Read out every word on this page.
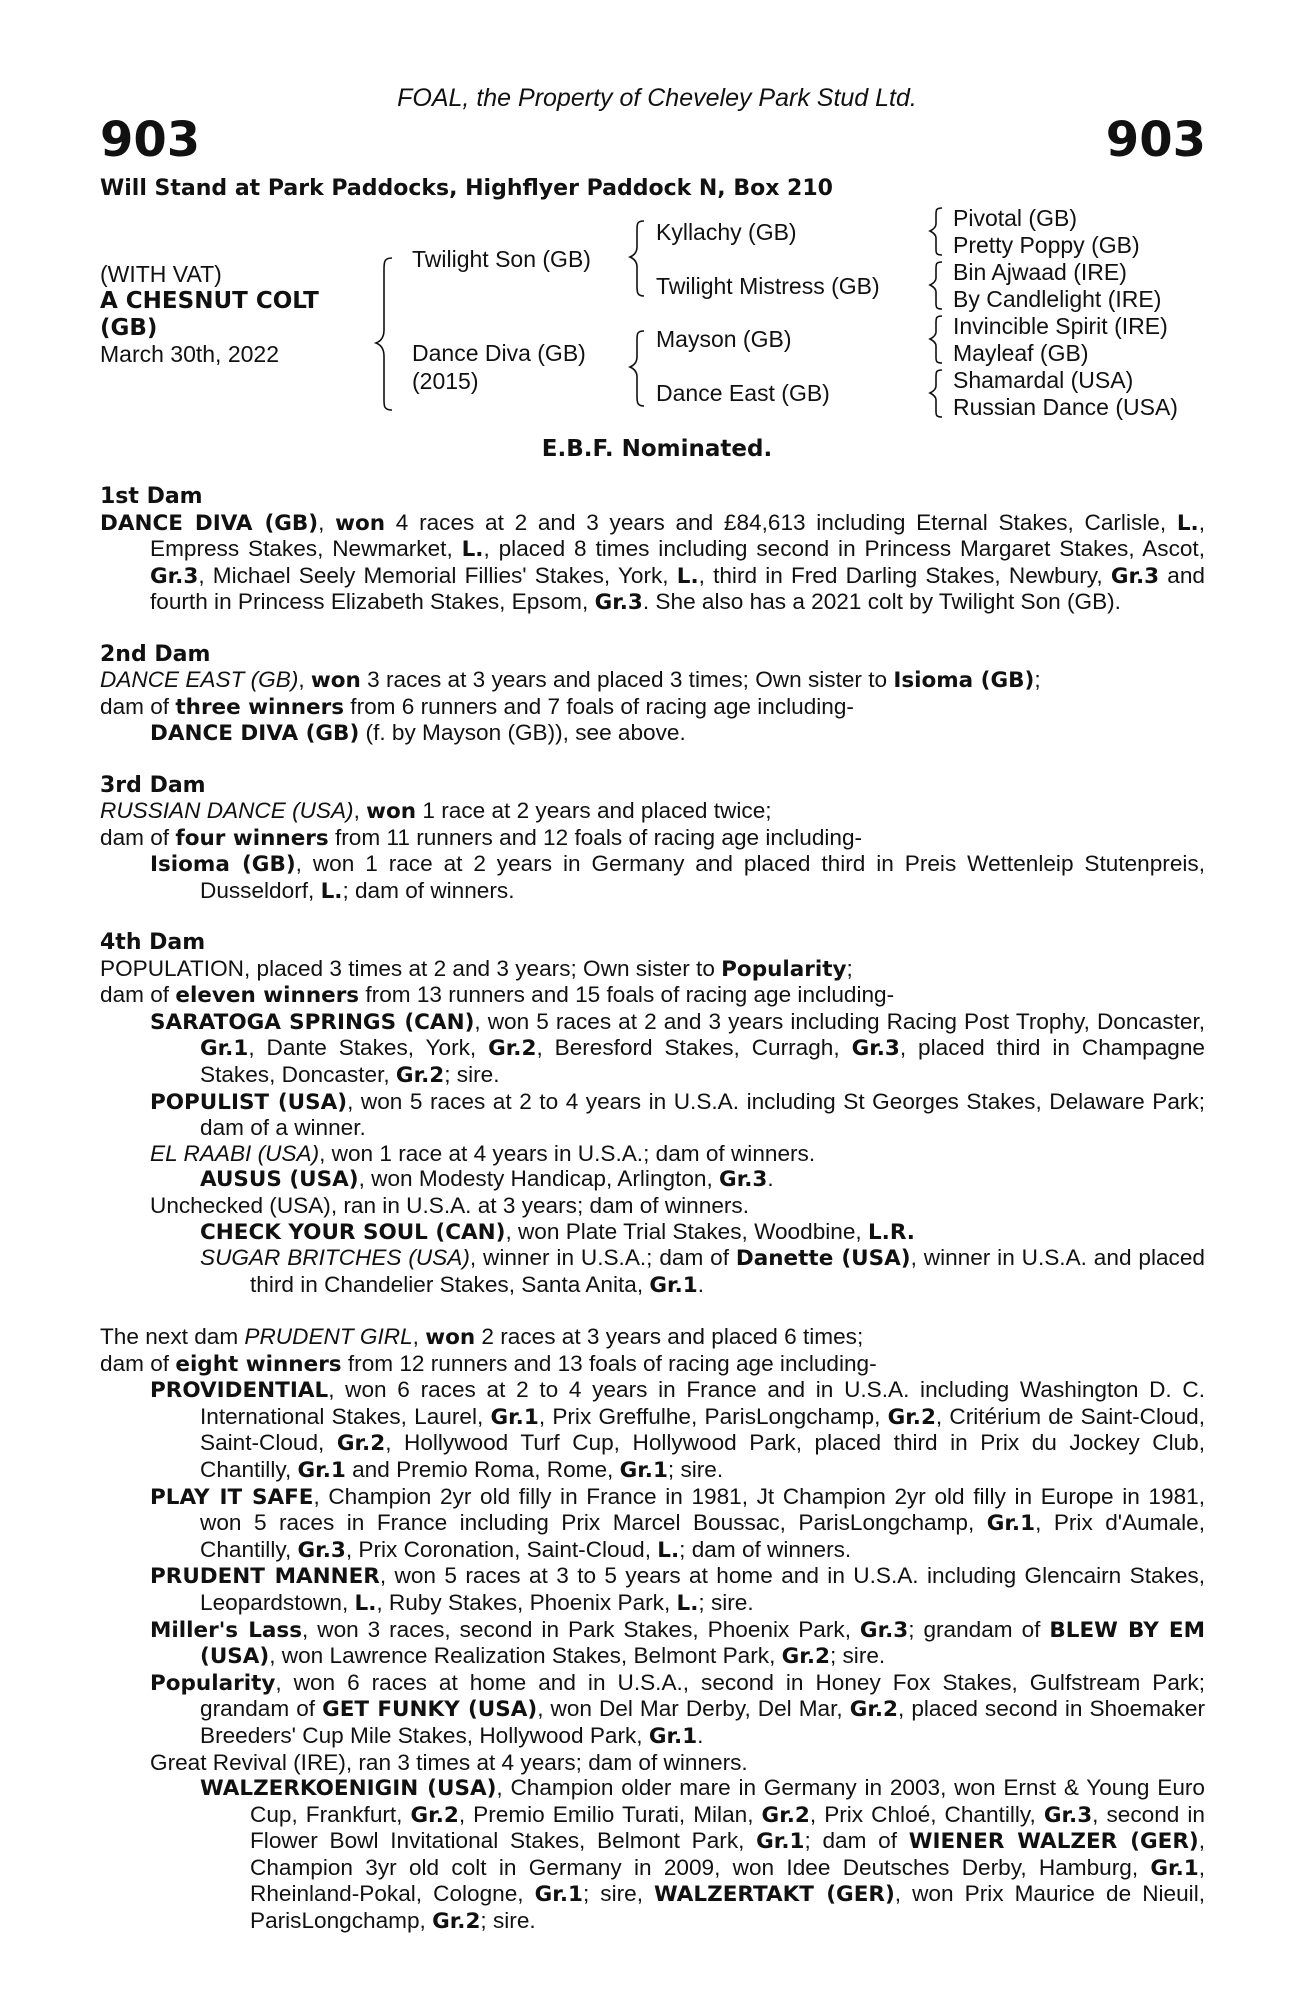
903	903
FOAL, the Property of Cheveley Park Stud Ltd.
Will Stand at Park Paddocks, Highflyer Paddock N, Box 210
(WITH VAT)
A CHESNUT COLT
(GB)
March 30th, 2022
Twilight Son (GB)
Dance Diva (GB)
(2015)
Kyllachy (GB)
Twilight Mistress (GB)
Mayson (GB)
Dance East (GB)
Pivotal (GB)
Pretty Poppy (GB)
Bin Ajwaad (IRE)
By Candlelight (IRE)
Invincible Spirit (IRE)
Mayleaf (GB)
Shamardal (USA)
Russian Dance (USA)
E.B.F. Nominated.
1st Dam
DANCE DIVA (GB), won 4 races at 2 and 3 years and £84,613 including Eternal Stakes, Carlisle, L., Empress Stakes, Newmarket, L., placed 8 times including second in Princess Margaret Stakes, Ascot, Gr.3, Michael Seely Memorial Fillies' Stakes, York, L., third in Fred Darling Stakes, Newbury, Gr.3 and fourth in Princess Elizabeth Stakes, Epsom, Gr.3. She also has a 2021 colt by Twilight Son (GB).
2nd Dam
DANCE EAST (GB), won 3 races at 3 years and placed 3 times; Own sister to Isioma (GB);
dam of three winners from 6 runners and 7 foals of racing age including-
DANCE DIVA (GB) (f. by Mayson (GB)), see above.
3rd Dam
RUSSIAN DANCE (USA), won 1 race at 2 years and placed twice;
dam of four winners from 11 runners and 12 foals of racing age including-
Isioma (GB), won 1 race at 2 years in Germany and placed third in Preis Wettenleip Stutenpreis, Dusseldorf, L.; dam of winners.
4th Dam
POPULATION, placed 3 times at 2 and 3 years; Own sister to Popularity;
dam of eleven winners from 13 runners and 15 foals of racing age including-
SARATOGA SPRINGS (CAN), won 5 races at 2 and 3 years including Racing Post Trophy, Doncaster, Gr.1, Dante Stakes, York, Gr.2, Beresford Stakes, Curragh, Gr.3, placed third in Champagne Stakes, Doncaster, Gr.2; sire.
POPULIST (USA), won 5 races at 2 to 4 years in U.S.A. including St Georges Stakes, Delaware Park; dam of a winner.
EL RAABI (USA), won 1 race at 4 years in U.S.A.; dam of winners.
AUSUS (USA), won Modesty Handicap, Arlington, Gr.3.
Unchecked (USA), ran in U.S.A. at 3 years; dam of winners.
CHECK YOUR SOUL (CAN), won Plate Trial Stakes, Woodbine, L.R.
SUGAR BRITCHES (USA), winner in U.S.A.; dam of Danette (USA), winner in U.S.A. and placed third in Chandelier Stakes, Santa Anita, Gr.1.
The next dam PRUDENT GIRL, won 2 races at 3 years and placed 6 times;
dam of eight winners from 12 runners and 13 foals of racing age including-
PROVIDENTIAL, won 6 races at 2 to 4 years in France and in U.S.A. including Washington D. C. International Stakes, Laurel, Gr.1, Prix Greffulhe, ParisLongchamp, Gr.2, Critérium de Saint-Cloud, Saint-Cloud, Gr.2, Hollywood Turf Cup, Hollywood Park, placed third in Prix du Jockey Club, Chantilly, Gr.1 and Premio Roma, Rome, Gr.1; sire.
PLAY IT SAFE, Champion 2yr old filly in France in 1981, Jt Champion 2yr old filly in Europe in 1981, won 5 races in France including Prix Marcel Boussac, ParisLongchamp, Gr.1, Prix d'Aumale, Chantilly, Gr.3, Prix Coronation, Saint-Cloud, L.; dam of winners.
PRUDENT MANNER, won 5 races at 3 to 5 years at home and in U.S.A. including Glencairn Stakes, Leopardstown, L., Ruby Stakes, Phoenix Park, L.; sire.
Miller's Lass, won 3 races, second in Park Stakes, Phoenix Park, Gr.3; grandam of BLEW BY EM (USA), won Lawrence Realization Stakes, Belmont Park, Gr.2; sire.
Popularity, won 6 races at home and in U.S.A., second in Honey Fox Stakes, Gulfstream Park; grandam of GET FUNKY (USA), won Del Mar Derby, Del Mar, Gr.2, placed second in Shoemaker Breeders' Cup Mile Stakes, Hollywood Park, Gr.1.
Great Revival (IRE), ran 3 times at 4 years; dam of winners.
WALZERKOENIGIN (USA), Champion older mare in Germany in 2003, won Ernst & Young Euro Cup, Frankfurt, Gr.2, Premio Emilio Turati, Milan, Gr.2, Prix Chloé, Chantilly, Gr.3, second in Flower Bowl Invitational Stakes, Belmont Park, Gr.1; dam of WIENER WALZER (GER), Champion 3yr old colt in Germany in 2009, won Idee Deutsches Derby, Hamburg, Gr.1, Rheinland-Pokal, Cologne, Gr.1; sire, WALZERTAKT (GER), won Prix Maurice de Nieuil, ParisLongchamp, Gr.2; sire.
